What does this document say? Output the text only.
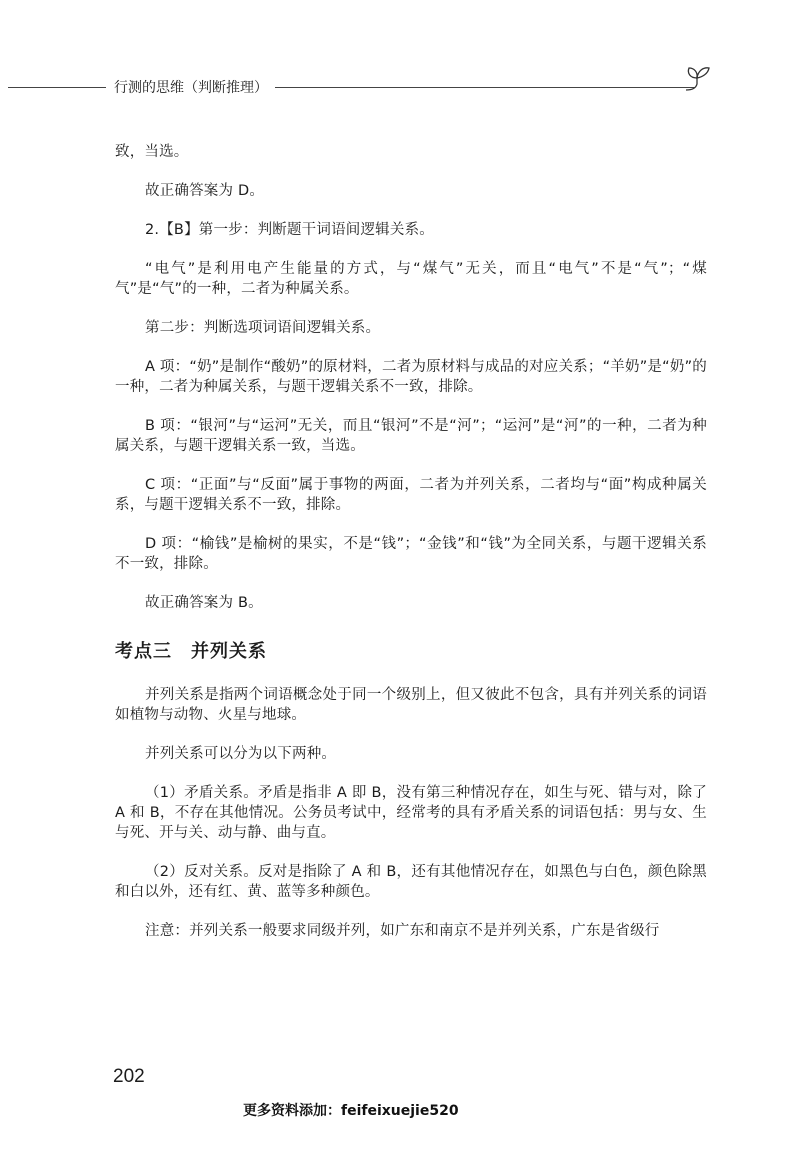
行测的思维（判断推理）

致，当选。

故正确答案为 D。

2.【B】第一步：判断题干词语间逻辑关系。

“电气”是利用电产生能量的方式，与“煤气”无关，而且“电气”不是“气”；“煤气”是“气”的一种，二者为种属关系。

第二步：判断选项词语间逻辑关系。

A 项：“奶”是制作“酸奶”的原材料，二者为原材料与成品的对应关系；“羊奶”是“奶”的一种，二者为种属关系，与题干逻辑关系不一致，排除。

B 项：“银河”与“运河”无关，而且“银河”不是“河”；“运河”是“河”的一种，二者为种属关系，与题干逻辑关系一致，当选。

C 项：“正面”与“反面”属于事物的两面，二者为并列关系，二者均与“面”构成种属关系，与题干逻辑关系不一致，排除。

D 项：“榆钱”是榆树的果实，不是“钱”；“金钱”和“钱”为全同关系，与题干逻辑关系不一致，排除。

故正确答案为 B。

考点三　并列关系

并列关系是指两个词语概念处于同一个级别上，但又彼此不包含，具有并列关系的词语如植物与动物、火星与地球。

并列关系可以分为以下两种。

（1）矛盾关系。矛盾是指非 A 即 B，没有第三种情况存在，如生与死、错与对，除了 A 和 B，不存在其他情况。公务员考试中，经常考的具有矛盾关系的词语包括：男与女、生与死、开与关、动与静、曲与直。

（2）反对关系。反对是指除了 A 和 B，还有其他情况存在，如黑色与白色，颜色除黑和白以外，还有红、黄、蓝等多种颜色。

注意：并列关系一般要求同级并列，如广东和南京不是并列关系，广东是省级行

202
更多资料添加：feifeixuejie520
